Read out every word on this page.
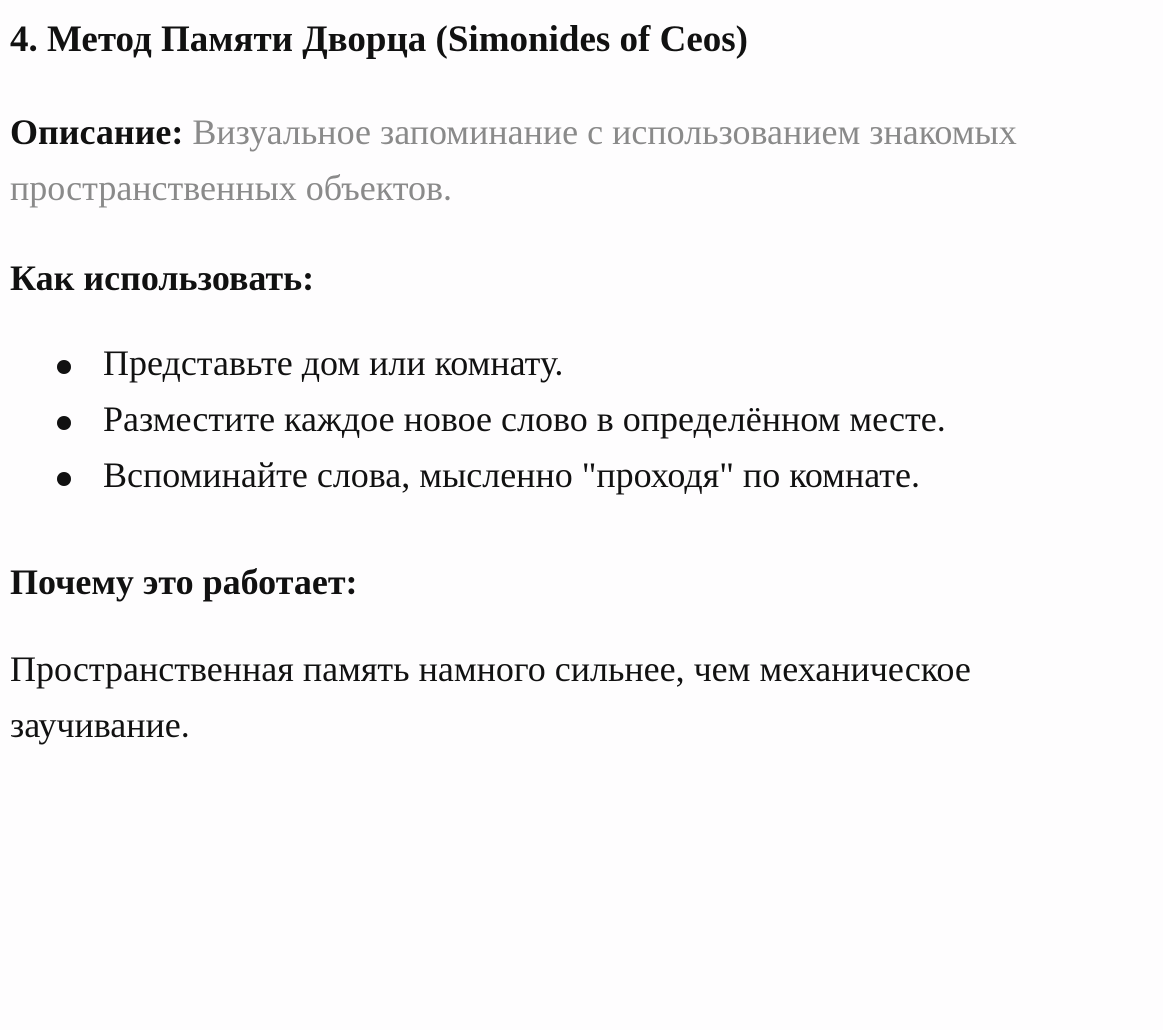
4. Метод Памяти Дворца (Simonides of Ceos)

Описание: Визуальное запоминание с использованием знакомых пространственных объектов.

Как использовать:
Представьте дом или комнату.
Разместите каждое новое слово в определённом месте.
Вспоминайте слова, мысленно "проходя" по комнате.
Почему это работает:

Пространственная память намного сильнее, чем механическое заучивание.
